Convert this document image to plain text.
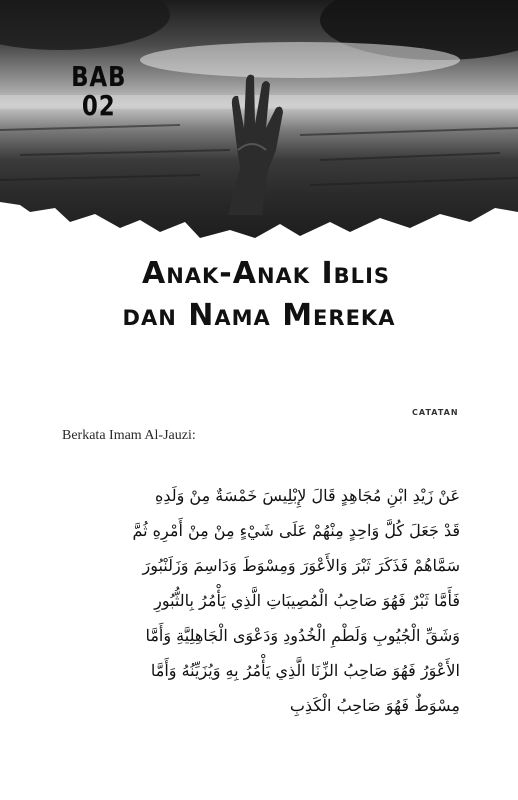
BAB
02
Anak-Anak Iblis
dan Nama Mereka
CATATAN
Berkata Imam Al-Jauzi:
عَنْ زَيْدِ ابْنِ مُجَاهِدٍ قَالَ لإِبْلِيسَ خَمْسَةٌ مِنْ وَلَدِهِ
قَدْ جَعَلَ كُلَّ وَاحِدٍ مِنْهُمْ عَلَى شَيْءٍ مِنْ مِنْ أَمْرِهِ ثُمَّ
سَمَّاهُمْ فَذَكَرَ ثَبْرَ وَالأَعْوَرَ وَمِسْوَطَ وَدَاسِمَ وَزَلَنْبُورَ
فَأَمَّا ثَبْرٌ فَهُوَ صَاحِبُ الْمُصِيبَاتِ الَّذِي يَأْمُرُ بِالثُّبُورِ
وَشَقِّ الْجُيُوبِ وَلَطْمِ الْخُدُودِ وَدَعْوَى الْجَاهِلِيَّةِ وَأَمَّا
الأَعْوَرُ فَهُوَ صَاحِبُ الزِّنَا الَّذِي يَأْمُرُ بِهِ وَيُزَيِّنُهُ وَأَمَّا
مِسْوَطٌ فَهُوَ صَاحِبُ الْكَذِبِ
